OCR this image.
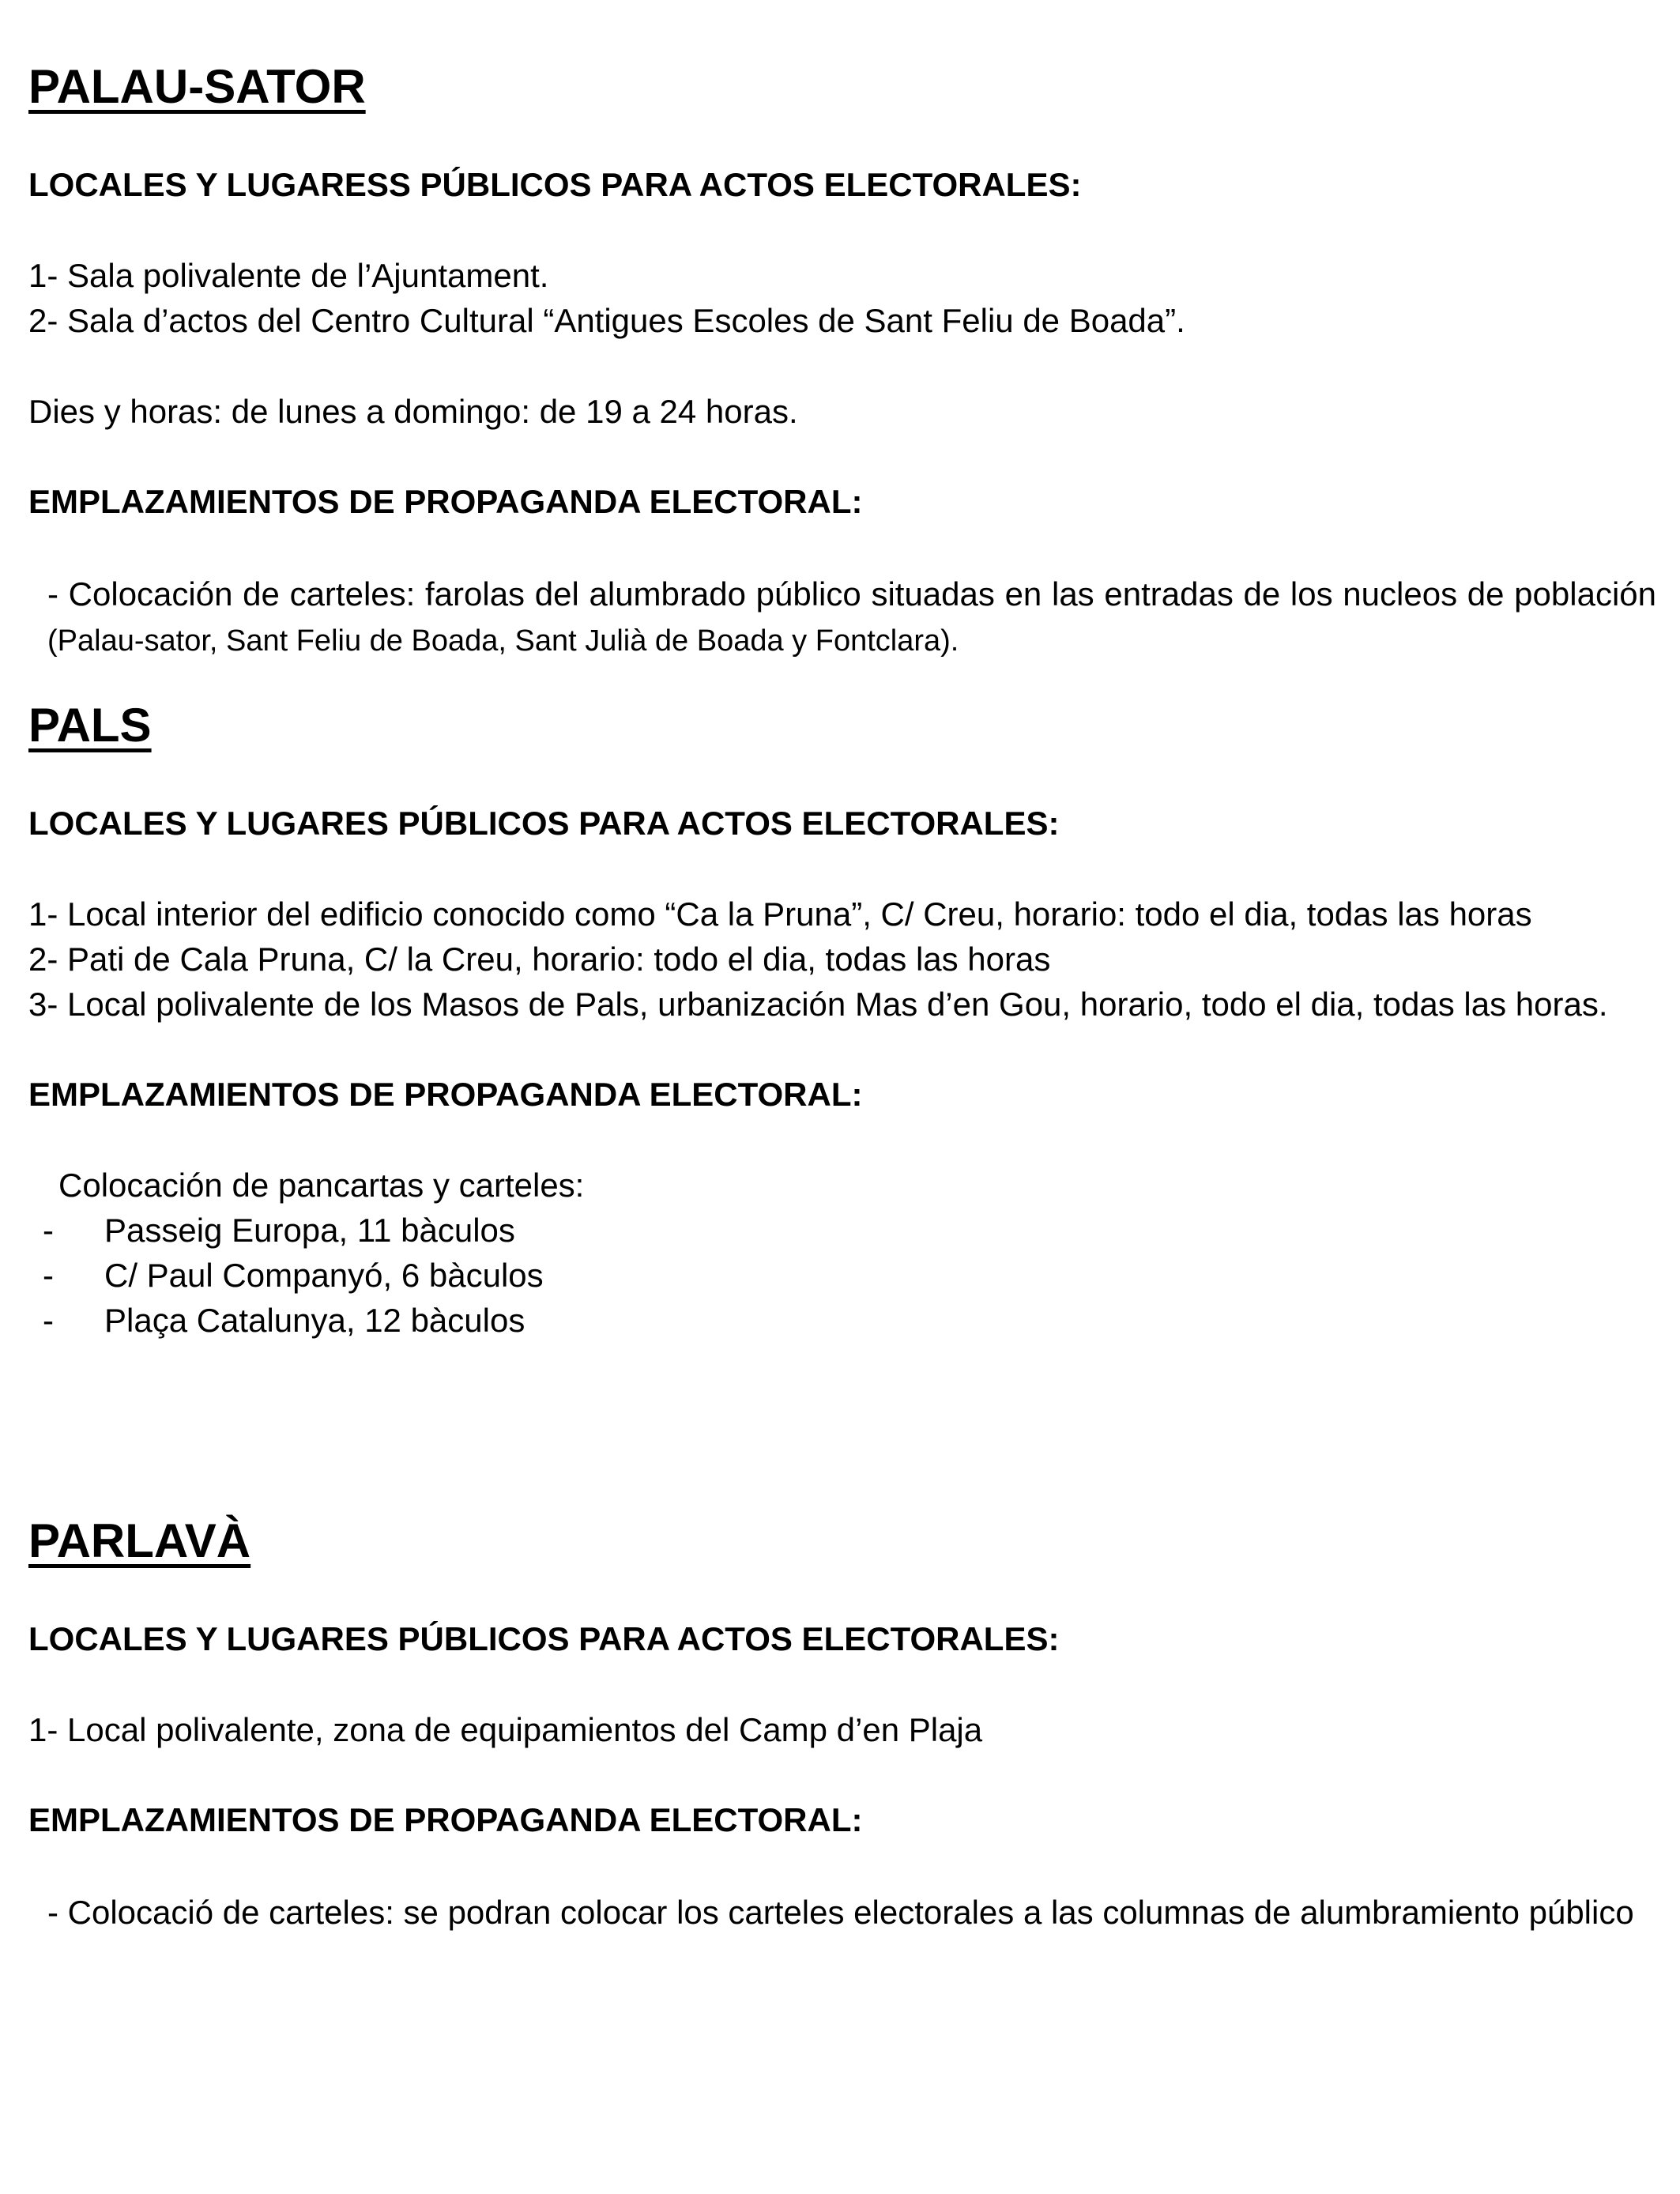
PALAU-SATOR

LOCALES Y LUGARESS PÚBLICOS PARA ACTOS ELECTORALES:

1- Sala polivalente de l’Ajuntament.

2- Sala d’actos del Centro Cultural “Antigues Escoles de Sant Feliu de Boada”.

Dies y horas: de lunes a domingo: de 19 a 24 horas.

EMPLAZAMIENTOS DE PROPAGANDA ELECTORAL:

- Colocación de carteles: farolas del alumbrado público situadas en las entradas de los nucleos de población (Palau-sator, Sant Feliu de Boada, Sant Julià de Boada y Fontclara).

PALS

LOCALES Y LUGARES PÚBLICOS PARA ACTOS ELECTORALES:

1- Local interior del edificio conocido como “Ca la Pruna”, C/ Creu, horario: todo el dia, todas las horas

2- Pati de Cala Pruna, C/ la Creu, horario: todo el dia, todas las horas

3- Local polivalente de los Masos de Pals, urbanización Mas d’en Gou, horario, todo el dia, todas las horas.

EMPLAZAMIENTOS DE PROPAGANDA ELECTORAL:

Colocación de pancartas y carteles:

-	Passeig Europa, 11 bàculos
-	C/ Paul Companyó, 6 bàculos
-	Plaça Catalunya, 12 bàculos
PARLAVÀ

LOCALES Y LUGARES PÚBLICOS PARA ACTOS ELECTORALES:

1- Local polivalente, zona de equipamientos del Camp d’en Plaja

EMPLAZAMIENTOS DE PROPAGANDA ELECTORAL:

- Colocació de carteles: se podran colocar los carteles electorales a las columnas de alumbramiento público
